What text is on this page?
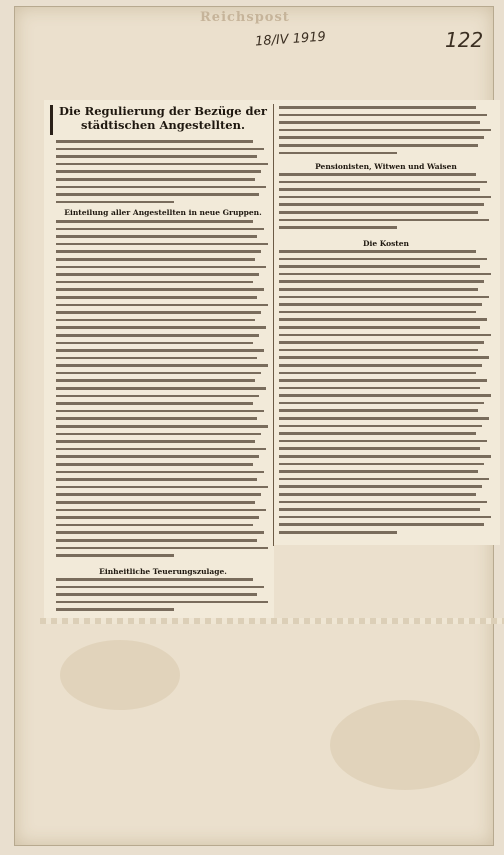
Reichspost
18/IV 1919	122
Die Regulierung der Bezüge der städtischen Angestellten.
Einteilung aller Angestellten in neue Gruppen.
Einheitliche Teuerungszulage.
Pensionisten, Witwen und Waisen
Die Kosten
